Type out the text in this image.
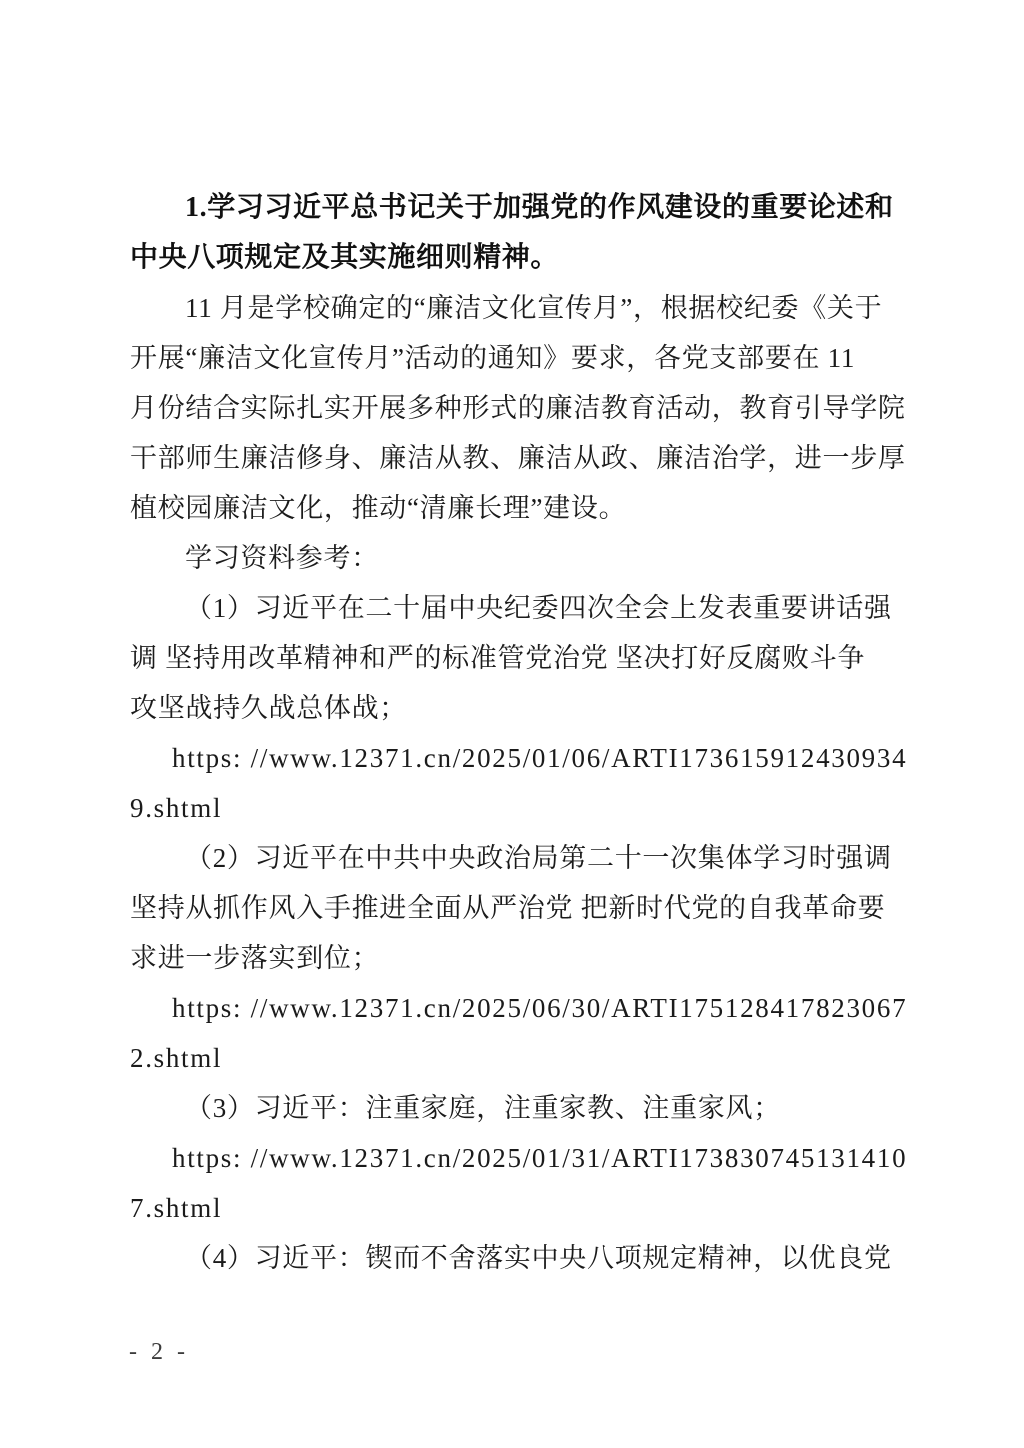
1.学习习近平总书记关于加强党的作风建设的重要论述和
中央八项规定及其实施细则精神。
11 月是学校确定的“廉洁文化宣传月”，根据校纪委《关于
开展“廉洁文化宣传月”活动的通知》要求，各党支部要在 11
月份结合实际扎实开展多种形式的廉洁教育活动，教育引导学院
干部师生廉洁修身、廉洁从教、廉洁从政、廉洁治学，进一步厚
植校园廉洁文化，推动“清廉长理”建设。
学习资料参考：
（1）习近平在二十届中央纪委四次全会上发表重要讲话强
调 坚持用改革精神和严的标准管党治党 坚决打好反腐败斗争
攻坚战持久战总体战；
https: //www.12371.cn/2025/01/06/ARTI173615912430934
9.shtml
（2）习近平在中共中央政治局第二十一次集体学习时强调
坚持从抓作风入手推进全面从严治党 把新时代党的自我革命要
求进一步落实到位；
https: //www.12371.cn/2025/06/30/ARTI175128417823067
2.shtml
（3）习近平：注重家庭，注重家教、注重家风；
https: //www.12371.cn/2025/01/31/ARTI173830745131410
7.shtml
（4）习近平：锲而不舍落实中央八项规定精神，以优良党
- 2 -
